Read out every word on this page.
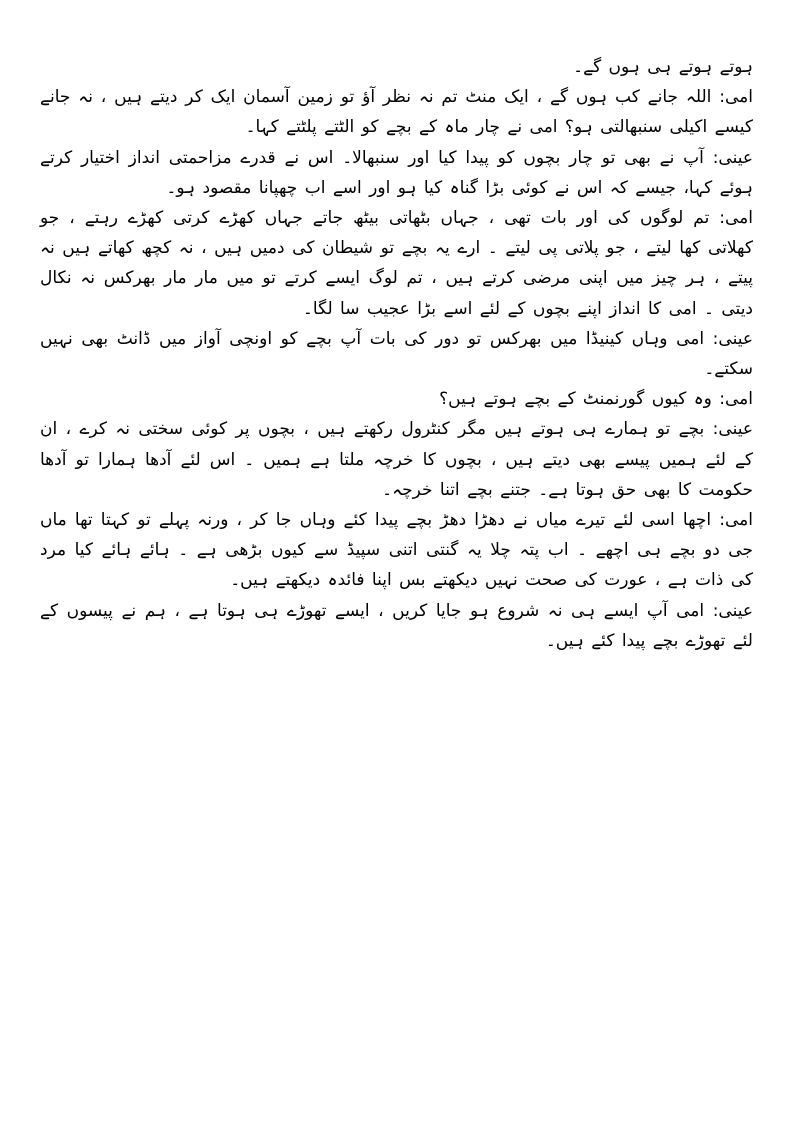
ہوتے ہوتے ہی ہوں گے۔

امی: اللہ جانے کب ہوں گے ، ایک منٹ تم نہ نظر آؤ تو زمین آسمان ایک کر دیتے ہیں ، نہ جانے کیسے اکیلی سنبھالتی ہو؟ امی نے چار ماہ کے بچے کو الٹتے پلٹتے کہا۔

عینی: آپ نے بھی تو چار بچوں کو پیدا کیا اور سنبھالا۔ اس نے قدرے مزاحمتی انداز اختیار کرتے ہوئے کہا، جیسے کہ اس نے کوئی بڑا گناہ کیا ہو اور اسے اب چھپانا مقصود ہو۔

امی: تم لوگوں کی اور بات تھی ، جہاں بٹھاتی بیٹھ جاتے جہاں کھڑے کرتی کھڑے رہتے ، جو کھلاتی کھا لیتے ، جو پلاتی پی لیتے ۔ ارے یہ بچے تو شیطان کی دمیں ہیں ، نہ کچھ کھاتے ہیں نہ پیتے ، ہر چیز میں اپنی مرضی کرتے ہیں ، تم لوگ ایسے کرتے تو میں مار مار بھرکس نہ نکال دیتی ۔ امی کا انداز اپنے بچوں کے لئے اسے بڑا عجیب سا لگا۔

عینی: امی وہاں کینیڈا میں بھرکس تو دور کی بات آپ بچے کو اونچی آواز میں ڈانٹ بھی نہیں سکتے۔

امی: وہ کیوں گورنمنٹ کے بچے ہوتے ہیں؟

عینی: بچے تو ہمارے ہی ہوتے ہیں مگر کنٹرول رکھتے ہیں ، بچوں پر کوئی سختی نہ کرے ، ان کے لئے ہمیں پیسے بھی دیتے ہیں ، بچوں کا خرچہ ملتا ہے ہمیں ۔ اس لئے آدھا ہمارا تو آدھا حکومت کا بھی حق ہوتا ہے۔ جتنے بچے اتنا خرچہ۔

امی: اچھا اسی لئے تیرے میاں نے دھڑا دھڑ بچے پیدا کئے وہاں جا کر ، ورنہ پہلے تو کہتا تھا ماں جی دو بچے ہی اچھے ۔ اب پتہ چلا یہ گنتی اتنی سپیڈ سے کیوں بڑھی ہے ۔ ہائے ہائے کیا مرد کی ذات ہے ، عورت کی صحت نہیں دیکھتے بس اپنا فائدہ دیکھتے ہیں۔

عینی: امی آپ ایسے ہی نہ شروع ہو جایا کریں ، ایسے تھوڑے ہی ہوتا ہے ، ہم نے پیسوں کے لئے تھوڑے بچے پیدا کئے ہیں۔
